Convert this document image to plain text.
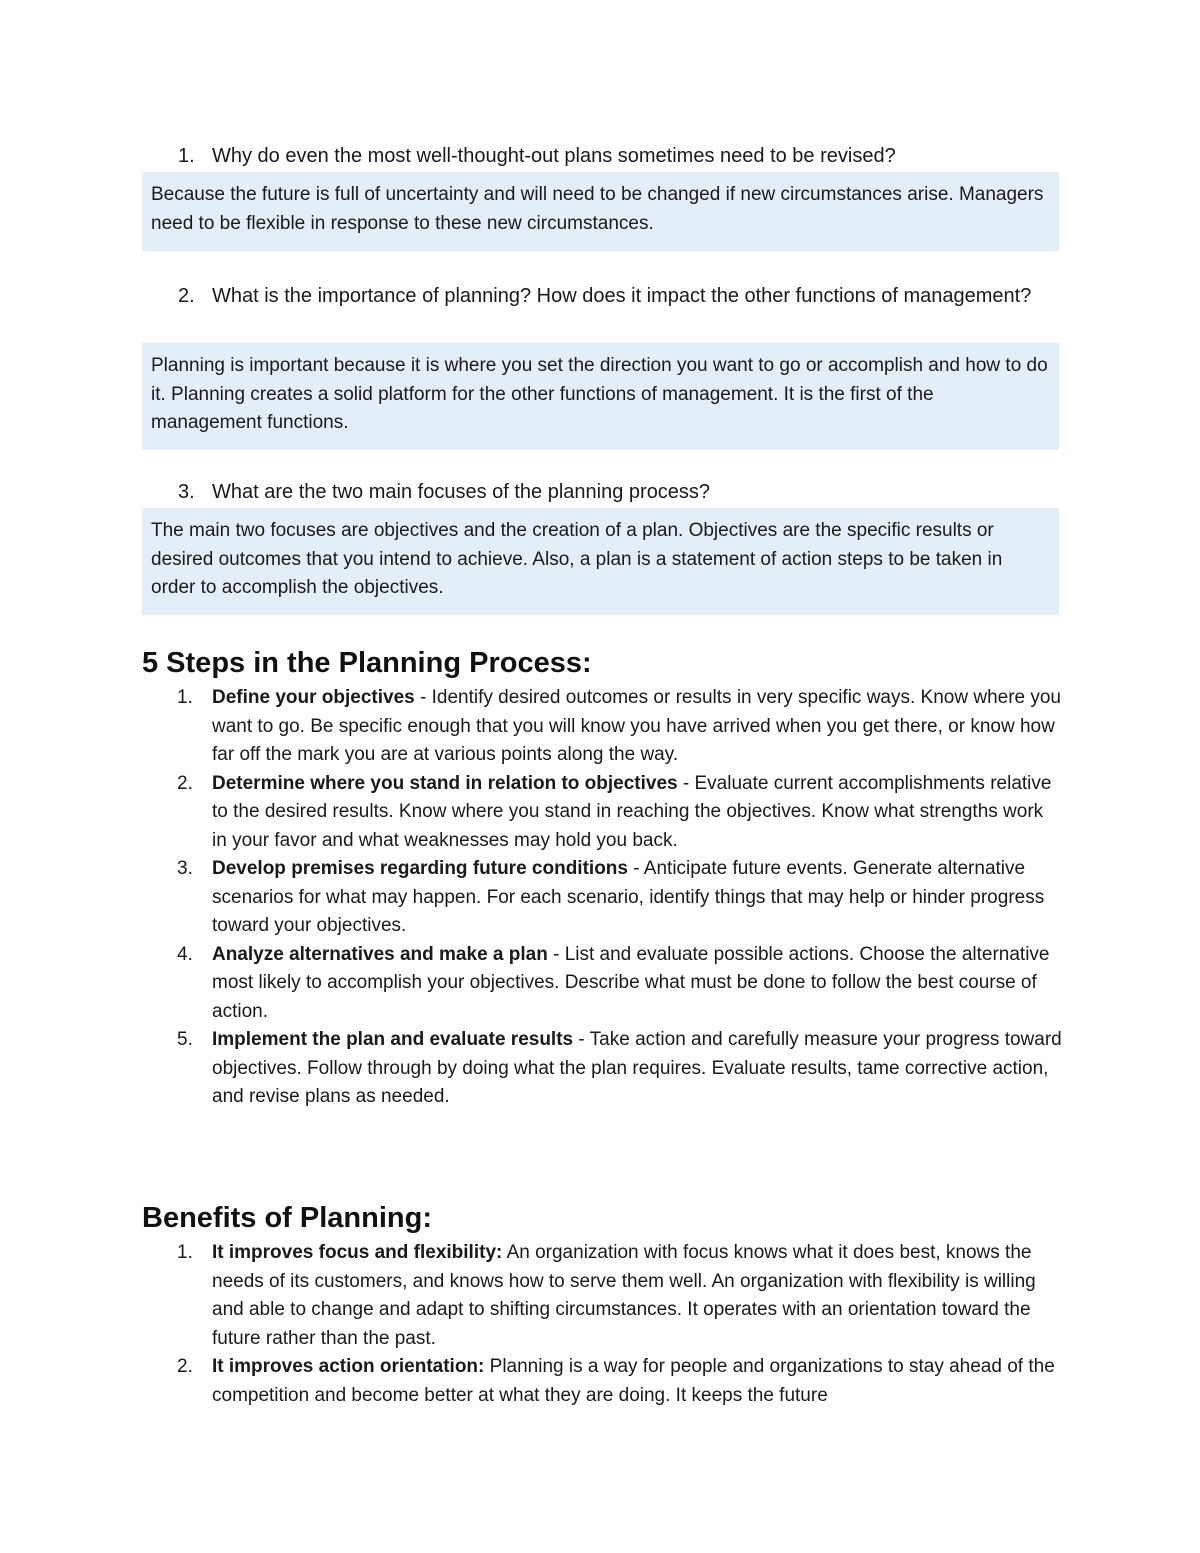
1. Why do even the most well-thought-out plans sometimes need to be revised?
Because the future is full of uncertainty and will need to be changed if new circumstances arise. Managers need to be flexible in response to these new circumstances.
2. What is the importance of planning? How does it impact the other functions of management?
Planning is important because it is where you set the direction you want to go or accomplish and how to do it. Planning creates a solid platform for the other functions of management. It is the first of the management functions.
3. What are the two main focuses of the planning process?
The main two focuses are objectives and the creation of a plan. Objectives are the specific results or desired outcomes that you intend to achieve. Also, a plan is a statement of action steps to be taken in order to accomplish the objectives.
5 Steps in the Planning Process:
1. Define your objectives - Identify desired outcomes or results in very specific ways. Know where you want to go. Be specific enough that you will know you have arrived when you get there, or know how far off the mark you are at various points along the way.
2. Determine where you stand in relation to objectives - Evaluate current accomplishments relative to the desired results. Know where you stand in reaching the objectives. Know what strengths work in your favor and what weaknesses may hold you back.
3. Develop premises regarding future conditions - Anticipate future events. Generate alternative scenarios for what may happen. For each scenario, identify things that may help or hinder progress toward your objectives.
4. Analyze alternatives and make a plan - List and evaluate possible actions. Choose the alternative most likely to accomplish your objectives. Describe what must be done to follow the best course of action.
5. Implement the plan and evaluate results - Take action and carefully measure your progress toward objectives. Follow through by doing what the plan requires. Evaluate results, tame corrective action, and revise plans as needed.
Benefits of Planning:
1. It improves focus and flexibility: An organization with focus knows what it does best, knows the needs of its customers, and knows how to serve them well. An organization with flexibility is willing and able to change and adapt to shifting circumstances. It operates with an orientation toward the future rather than the past.
2. It improves action orientation: Planning is a way for people and organizations to stay ahead of the competition and become better at what they are doing. It keeps the future
